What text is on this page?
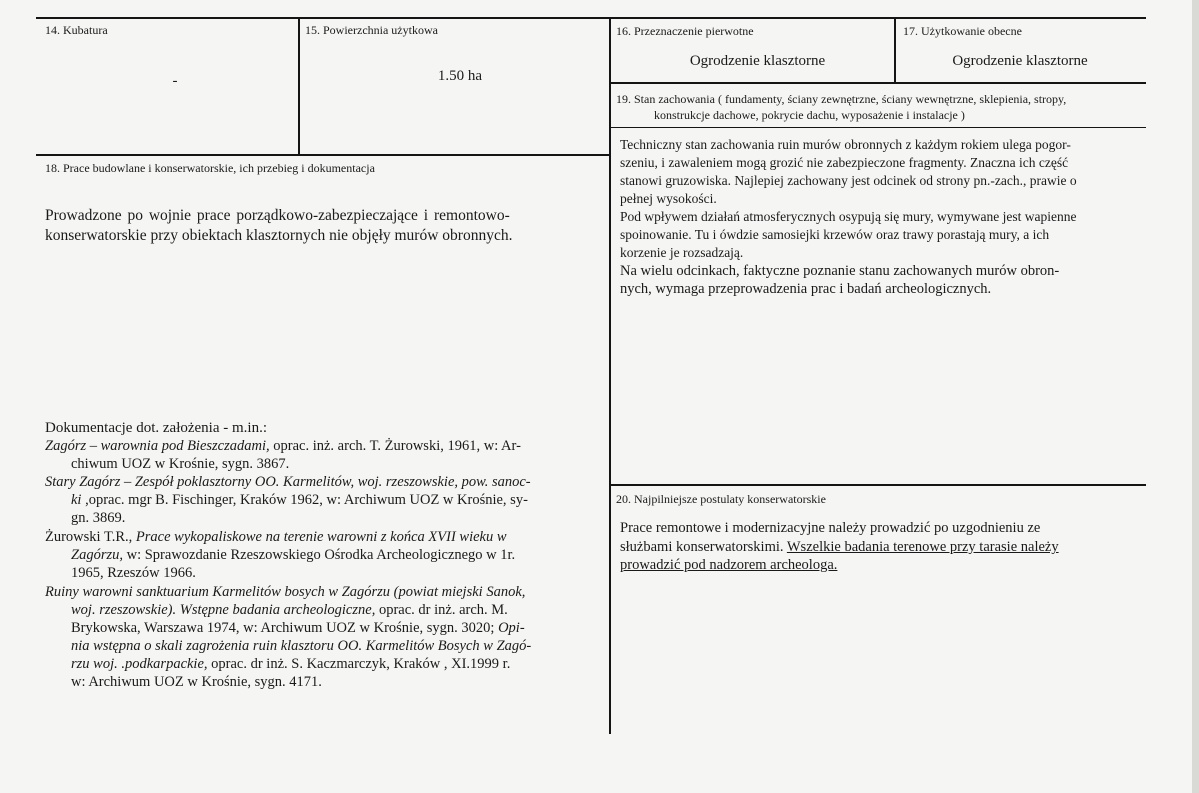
14. Kubatura
-
15. Powierzchnia użytkowa
1.50 ha
16. Przeznaczenie pierwotne
Ogrodzenie klasztorne
17. Użytkowanie obecne
Ogrodzenie klasztorne
19. Stan zachowania ( fundamenty, ściany zewnętrzne, ściany wewnętrzne, sklepienia, stropy,
konstrukcje dachowe, pokrycie dachu, wyposażenie i instalacje )
Techniczny stan zachowania ruin murów obronnych z każdym rokiem ulega pogor-
szeniu, i zawaleniem mogą grozić nie zabezpieczone fragmenty. Znaczna ich część
stanowi gruzowiska. Najlepiej zachowany jest odcinek od strony pn.-zach., prawie o
pełnej wysokości.
Pod wpływem działań atmosferycznych osypują się mury, wymywane jest wapienne
spoinowanie. Tu i ówdzie samosiejki krzewów oraz trawy porastają mury, a ich
korzenie je rozsadzają.
Na wielu odcinkach, faktyczne poznanie stanu zachowanych murów obron-
nych, wymaga przeprowadzenia prac i badań archeologicznych.
18. Prace budowlane i konserwatorskie, ich przebieg i dokumentacja
Prowadzone po wojnie prace porządkowo-zabezpieczające i remontowo-
konserwatorskie przy obiektach klasztornych nie objęły murów obronnych.
Dokumentacje dot. założenia - m.in.:
Zagórz – warownia pod Bieszczadami, oprac. inż. arch. T. Żurowski, 1961, w: Ar-
chiwum UOZ w Krośnie, sygn. 3867.
Stary Zagórz – Zespół poklasztorny OO. Karmelitów, woj. rzeszowskie, pow. sanoc-
ki ,oprac. mgr B. Fischinger, Kraków 1962, w: Archiwum UOZ w Krośnie, sy-
gn. 3869.
Żurowski T.R., Prace wykopaliskowe na terenie warowni z końca XVII wieku w
Zagórzu, w: Sprawozdanie Rzeszowskiego Ośrodka Archeologicznego w 1r.
1965, Rzeszów 1966.
Ruiny warowni sanktuarium Karmelitów bosych w Zagórzu (powiat miejski Sanok,
woj. rzeszowskie). Wstępne badania archeologiczne, oprac. dr inż. arch. M.
Brykowska, Warszawa 1974, w: Archiwum UOZ w Krośnie, sygn. 3020; Opi-
nia wstępna o skali zagrożenia ruin klasztoru OO. Karmelitów Bosych w Zagó-
rzu woj. .podkarpackie, oprac. dr inż. S. Kaczmarczyk, Kraków , XI.1999 r.
w: Archiwum UOZ w Krośnie, sygn. 4171.
20. Najpilniejsze postulaty konserwatorskie
Prace remontowe i modernizacyjne należy prowadzić po uzgodnieniu ze
służbami konserwatorskimi. Wszelkie badania terenowe przy tarasie należy
prowadzić pod nadzorem archeologa.
